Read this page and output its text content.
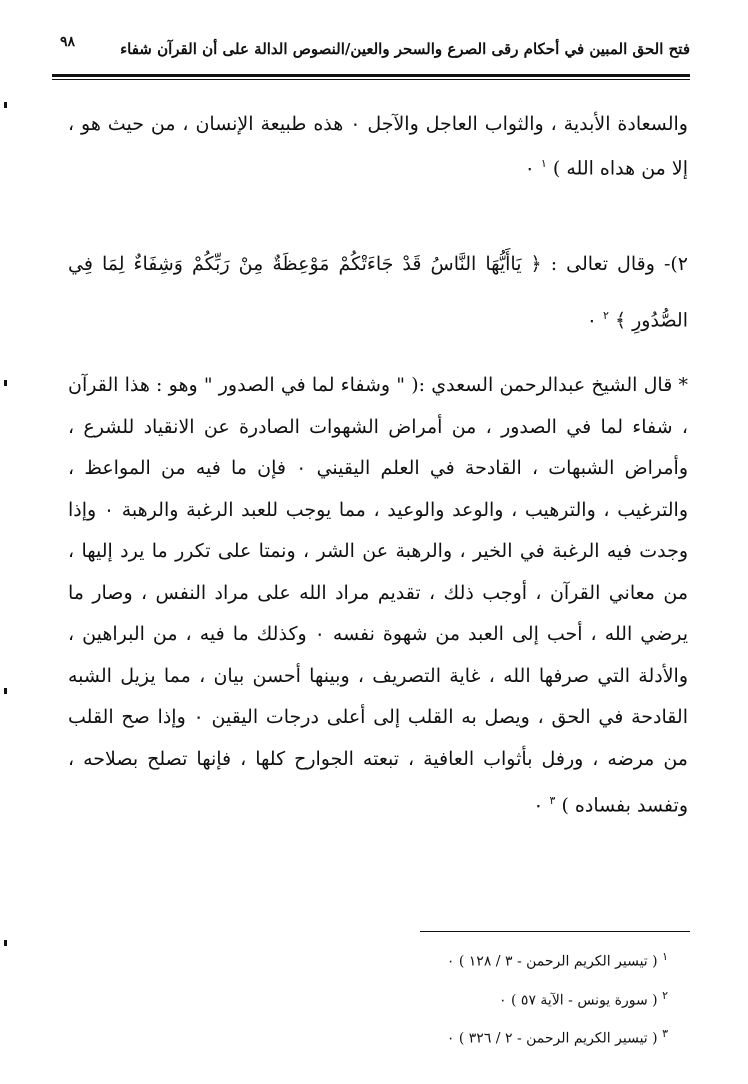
٩٨	فتح الحق المبين في أحكام رقى الصرع والسحر والعين/النصوص الدالة على أن القرآن شفاء
والسعادة الأبدية ، والثواب العاجل والآجل ٠ هذه طبيعة الإنسان ، من حيث هو ، إلا من هداه الله ) $^١$ ٠
٢)- وقال تعالى : ﴿ يَاأَيُّهَا النَّاسُ قَدْ جَاءَتْكُمْ مَوْعِظَةٌ مِنْ رَبِّكُمْ وَشِفَاءٌ لِمَا فِي الصُّدُورِ ﴾ $^٢$ ٠
* قال الشيخ عبدالرحمن السعدي :( " وشفاء لما في الصدور " وهو : هذا القرآن ، شفاء لما في الصدور ، من أمراض الشهوات الصادرة عن الانقياد للشرع ، وأمراض الشبهات ، القادحة في العلم اليقيني ٠ فإن ما فيه من المواعظ ، والترغيب ، والترهيب ، والوعد والوعيد ، مما يوجب للعبد الرغبة والرهبة ٠ وإذا وجدت فيه الرغبة في الخير ، والرهبة عن الشر ، ونمتا على تكرر ما يرد إليها ، من معاني القرآن ، أوجب ذلك ، تقديم مراد الله على مراد النفس ، وصار ما يرضي الله ، أحب إلى العبد من شهوة نفسه ٠ وكذلك ما فيه ، من البراهين ، والأدلة التي صرفها الله ، غاية التصريف ، وبينها أحسن بيان ، مما يزيل الشبه القادحة في الحق ، ويصل به القلب إلى أعلى درجات اليقين ٠ وإذا صح القلب من مرضه ، ورفل بأثواب العافية ، تبعته الجوارح كلها ، فإنها تصلح بصلاحه ، وتفسد بفساده ) $^٣$ ٠
$^١$ ( تيسير الكريم الرحمن - ٣ / ١٢٨ ) ٠
$^٢$ ( سورة يونس - الآية ٥٧ ) ٠
$^٣$ ( تيسير الكريم الرحمن - ٢ / ٣٢٦ ) ٠
